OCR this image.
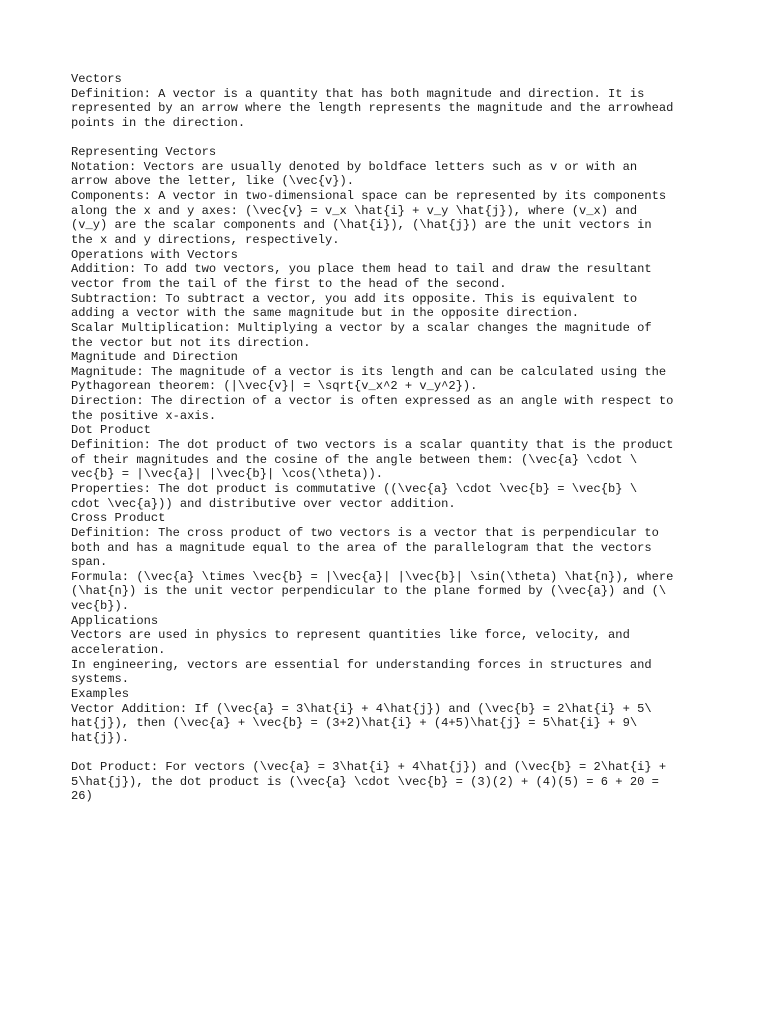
Vectors
Definition: A vector is a quantity that has both magnitude and direction. It is
represented by an arrow where the length represents the magnitude and the arrowhead
points in the direction.
Representing Vectors
Notation: Vectors are usually denoted by boldface letters such as v or with an
arrow above the letter, like (\vec{v}).
Components: A vector in two-dimensional space can be represented by its components
along the x and y axes: (\vec{v} = v_x \hat{i} + v_y \hat{j}), where (v_x) and
(v_y) are the scalar components and (\hat{i}), (\hat{j}) are the unit vectors in
the x and y directions, respectively.
Operations with Vectors
Addition: To add two vectors, you place them head to tail and draw the resultant
vector from the tail of the first to the head of the second.
Subtraction: To subtract a vector, you add its opposite. This is equivalent to
adding a vector with the same magnitude but in the opposite direction.
Scalar Multiplication: Multiplying a vector by a scalar changes the magnitude of
the vector but not its direction.
Magnitude and Direction
Magnitude: The magnitude of a vector is its length and can be calculated using the
Pythagorean theorem: (|\vec{v}| = \sqrt{v_x^2 + v_y^2}).
Direction: The direction of a vector is often expressed as an angle with respect to
the positive x-axis.
Dot Product
Definition: The dot product of two vectors is a scalar quantity that is the product
of their magnitudes and the cosine of the angle between them: (\vec{a} \cdot \
vec{b} = |\vec{a}| |\vec{b}| \cos(\theta)).
Properties: The dot product is commutative ((\vec{a} \cdot \vec{b} = \vec{b} \
cdot \vec{a})) and distributive over vector addition.
Cross Product
Definition: The cross product of two vectors is a vector that is perpendicular to
both and has a magnitude equal to the area of the parallelogram that the vectors
span.
Formula: (\vec{a} \times \vec{b} = |\vec{a}| |\vec{b}| \sin(\theta) \hat{n}), where
(\hat{n}) is the unit vector perpendicular to the plane formed by (\vec{a}) and (\
vec{b}).
Applications
Vectors are used in physics to represent quantities like force, velocity, and
acceleration.
In engineering, vectors are essential for understanding forces in structures and
systems.
Examples
Vector Addition: If (\vec{a} = 3\hat{i} + 4\hat{j}) and (\vec{b} = 2\hat{i} + 5\
hat{j}), then (\vec{a} + \vec{b} = (3+2)\hat{i} + (4+5)\hat{j} = 5\hat{i} + 9\
hat{j}).
Dot Product: For vectors (\vec{a} = 3\hat{i} + 4\hat{j}) and (\vec{b} = 2\hat{i} +
5\hat{j}), the dot product is (\vec{a} \cdot \vec{b} = (3)(2) + (4)(5) = 6 + 20 =
26)
